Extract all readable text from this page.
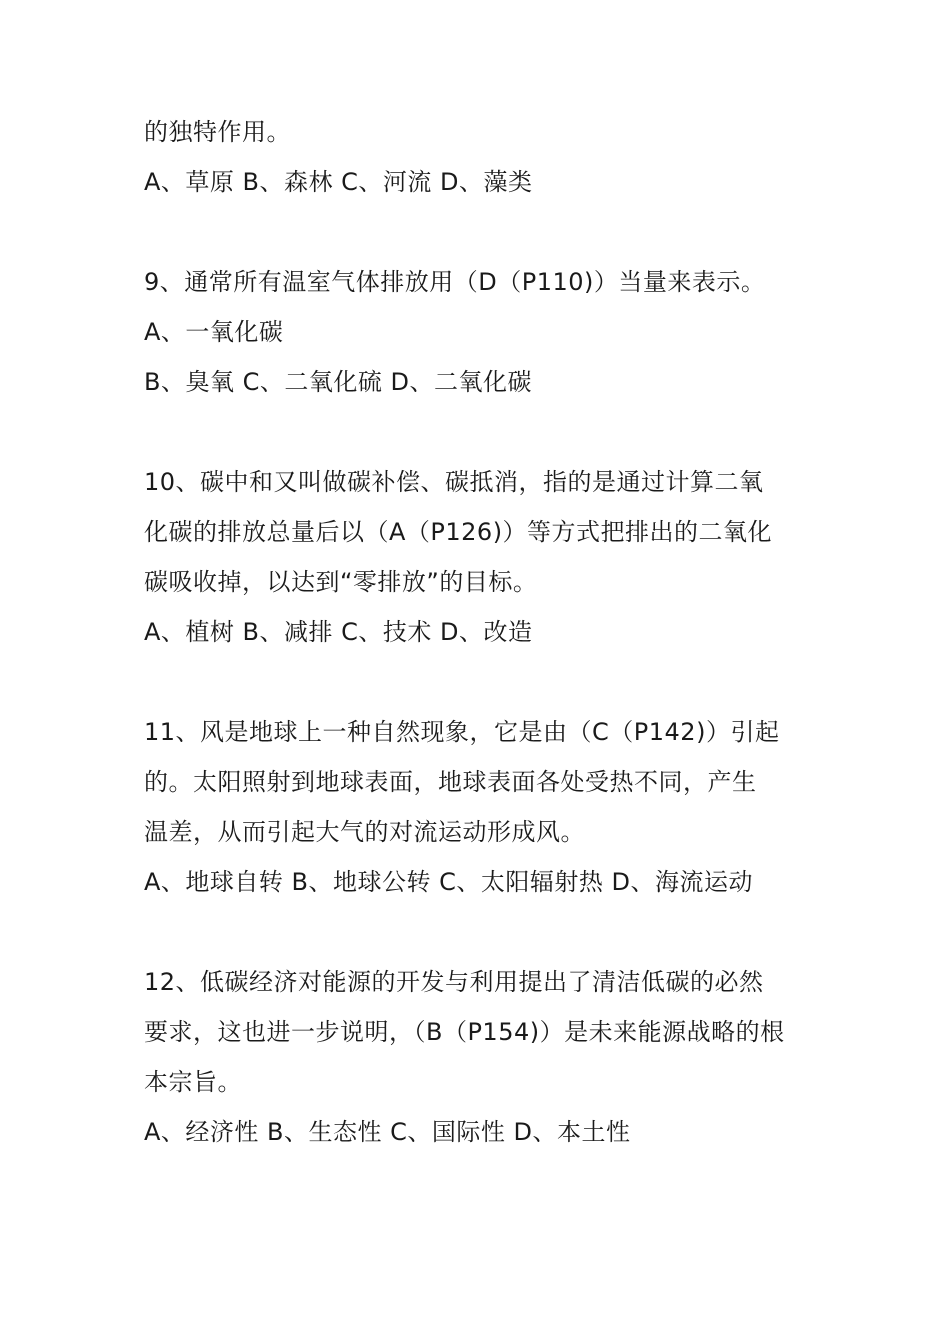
的独特作用。
A、草原 B、森林 C、河流 D、藻类
9、通常所有温室气体排放用（D（P110)）当量来表示。
A、一氧化碳
B、臭氧 C、二氧化硫 D、二氧化碳
10、碳中和又叫做碳补偿、碳抵消，指的是通过计算二氧
化碳的排放总量后以（A（P126)）等方式把排出的二氧化
碳吸收掉，以达到“零排放”的目标。
A、植树 B、减排 C、技术 D、改造
11、风是地球上一种自然现象，它是由（C（P142)）引起
的。太阳照射到地球表面，地球表面各处受热不同，产生
温差，从而引起大气的对流运动形成风。
A、地球自转 B、地球公转 C、太阳辐射热 D、海流运动
12、低碳经济对能源的开发与利用提出了清洁低碳的必然
要求，这也进一步说明，（B（P154)）是未来能源战略的根
本宗旨。
A、经济性 B、生态性 C、国际性 D、本土性
